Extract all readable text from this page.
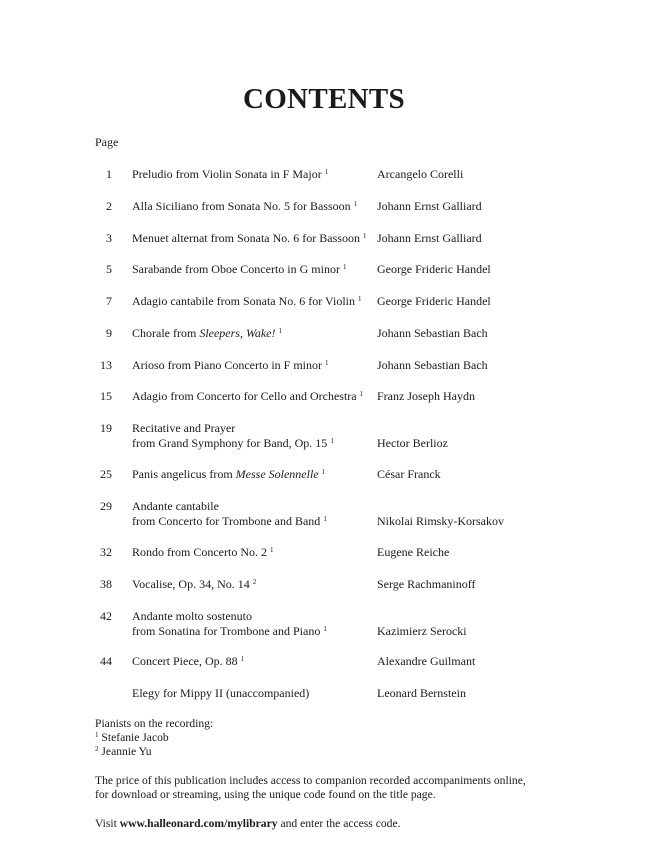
CONTENTS
Page
1 Preludio from Violin Sonata in F Major $^1$	Arcangelo Corelli
2 Alla Siciliano from Sonata No. 5 for Bassoon $^1$	Johann Ernst Galliard
3 Menuet alternat from Sonata No. 6 for Bassoon $^1$ Johann Ernst Galliard
5 Sarabande from Oboe Concerto in G minor $^1$	George Frideric Handel
7 Adagio cantabile from Sonata No. 6 for Violin $^1$	George Frideric Handel
9 Chorale from Sleepers, Wake! $^1$	Johann Sebastian Bach
13 Arioso from Piano Concerto in F minor $^1$	Johann Sebastian Bach
15 Adagio from Concerto for Cello and Orchestra $^1$	Franz Joseph Haydn
19 Recitative and Prayer
from Grand Symphony for Band, Op. 15 $^1$	Hector Berlioz
25 Panis angelicus from Messe Solennelle $^1$	César Franck
29 Andante cantabile
from Concerto for Trombone and Band $^1$	Nikolai Rimsky-Korsakov
32 Rondo from Concerto No. 2 $^1$	Eugene Reiche
38 Vocalise, Op. 34, No. 14 $^2$	Serge Rachmaninoff
42 Andante molto sostenuto
from Sonatina for Trombone and Piano $^1$	Kazimierz Serocki
44 Concert Piece, Op. 88 $^1$	Alexandre Guilmant
Elegy for Mippy II (unaccompanied)	Leonard Bernstein
Pianists on the recording:
$^1$ Stefanie Jacob
$^2$ Jeannie Yu
The price of this publication includes access to companion recorded accompaniments online,
for download or streaming, using the unique code found on the title page.
Visit www.halleonard.com/mylibrary and enter the access code.
